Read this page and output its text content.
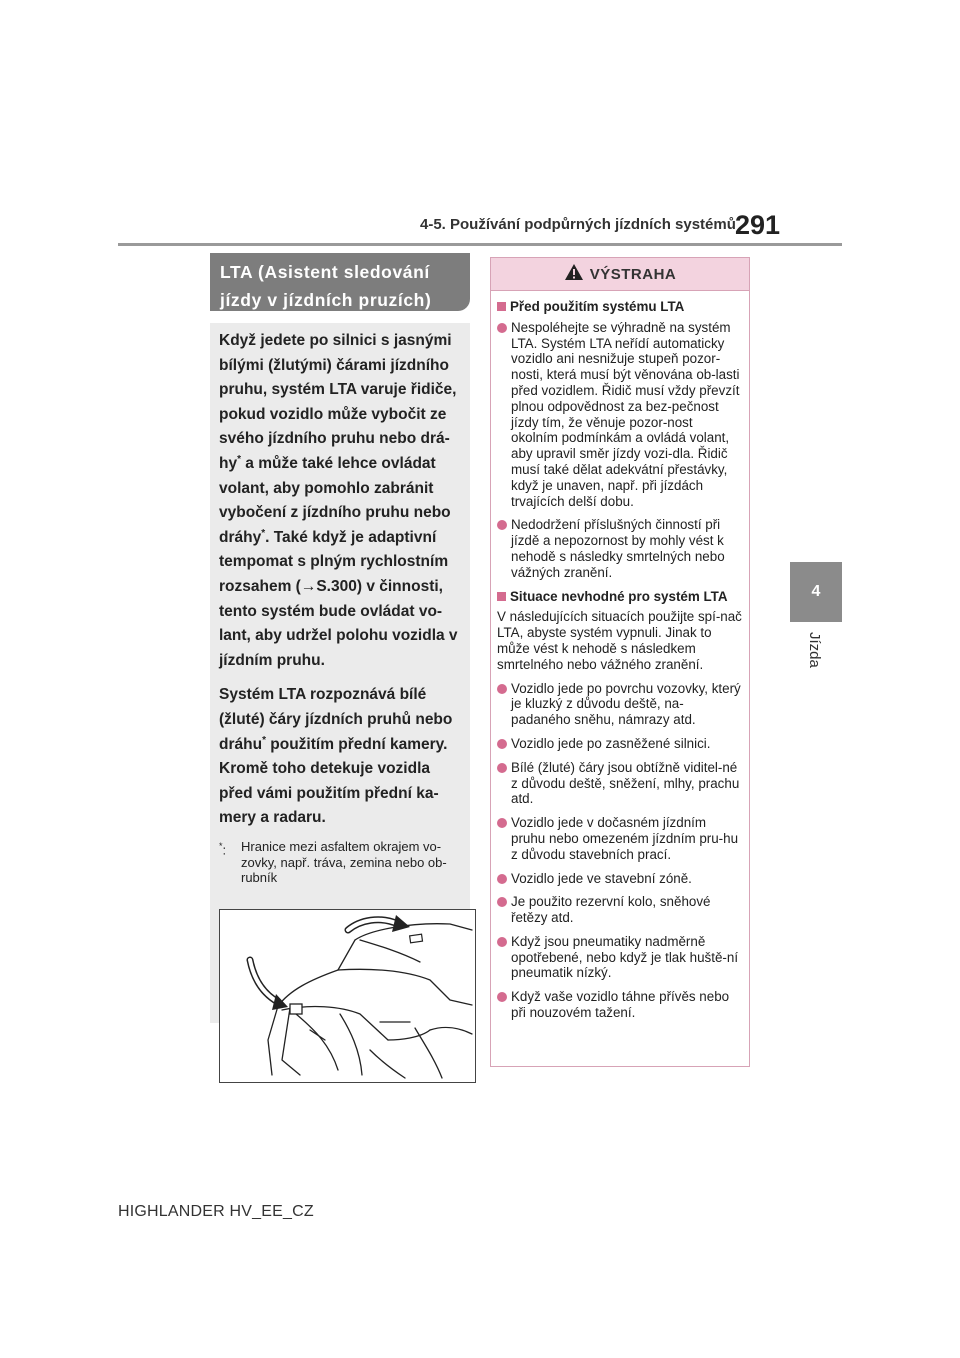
4-5. Používání podpůrných jízdních systémů 291
4
Jízda
LTA (Asistent sledování
jízdy v jízdních pruzích)

Když jedete po silnici s jasnými bílými (žlutými) čárami jízdního pruhu, systém LTA varuje řidiče, pokud vozidlo může vybočit ze svého jízdního pruhu nebo drá-hy* a může také lehce ovládat volant, aby pomohlo zabránit vybočení z jízdního pruhu nebo dráhy*. Také když je adaptivní tempomat s plným rychlostním rozsahem (→S.300) v činnosti, tento systém bude ovládat vo-lant, aby udržel polohu vozidla v jízdním pruhu.

Systém LTA rozpoznává bílé (žluté) čáry jízdních pruhů nebo dráhu* použitím přední kamery. Kromě toho detekuje vozidla před vámi použitím přední ka-mery a radaru.

*:	Hranice mezi asfaltem okrajem vo-zovky, např. tráva, zemina nebo ob-rubník
VÝSTRAHA
Před použitím systému LTA
Nespoléhejte se výhradně na systém LTA. Systém LTA neřídí automaticky vozidlo ani nesnižuje stupeň pozor-nosti, která musí být věnována ob-lasti před vozidlem. Řidič musí vždy převzít plnou odpovědnost za bez-pečnost jízdy tím, že věnuje pozor-nost okolním podmínkám a ovládá volant, aby upravil směr jízdy vozi-dla. Řidič musí také dělat adekvátní přestávky, když je unaven, např. při jízdách trvajících delší dobu.
Nedodržení příslušných činností při jízdě a nepozornost by mohly vést k nehodě s následky smrtelných nebo vážných zranění.
Situace nevhodné pro systém LTA
V následujících situacích použijte spí-nač LTA, abyste systém vypnuli. Jinak to může vést k nehodě s následkem smrtelného nebo vážného zranění.
Vozidlo jede po povrchu vozovky, který je kluzký z důvodu deště, na-padaného sněhu, námrazy atd.
Vozidlo jede po zasněžené silnici.
Bílé (žluté) čáry jsou obtížně viditel-né z důvodu deště, sněžení, mlhy, prachu atd.
Vozidlo jede v dočasném jízdním pruhu nebo omezeném jízdním pru-hu z důvodu stavebních prací.
Vozidlo jede ve stavební zóně.
Je použito rezervní kolo, sněhové řetězy atd.
Když jsou pneumatiky nadměrně opotřebené, nebo když je tlak huště-ní pneumatik nízký.
Když vaše vozidlo táhne přívěs nebo při nouzovém tažení.
HIGHLANDER HV_EE_CZ
